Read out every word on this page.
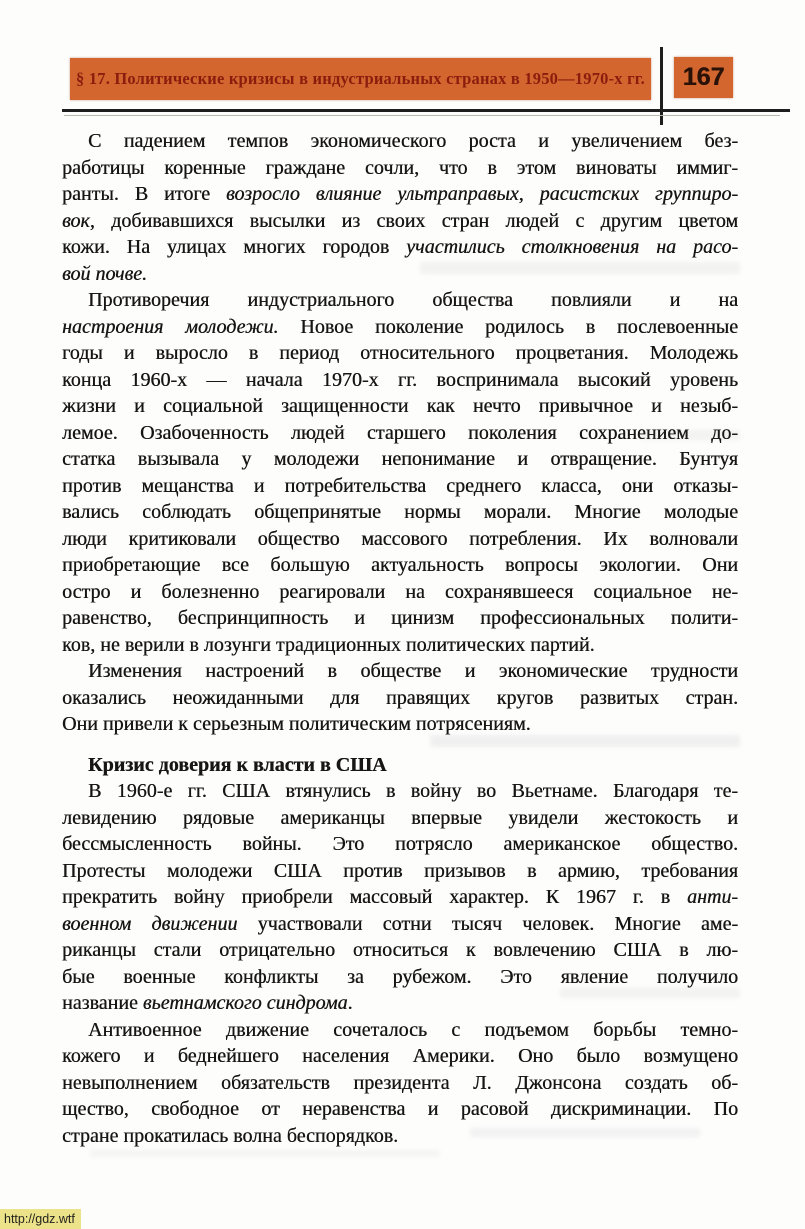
§ 17. Политические кризисы в индустриальных странах в 1950—1970-х гг. 167
С падением темпов экономического роста и увеличением без-
работицы коренные граждане сочли, что в этом виноваты иммиг-
ранты. В итоге возросло влияние ультраправых, расистских группиро-
вок, добивавшихся высылки из своих стран людей с другим цветом
кожи. На улицах многих городов участились столкновения на расо-
вой почве.
Противоречия индустриального общества повлияли и на
настроения молодежи. Новое поколение родилось в послевоенные
годы и выросло в период относительного процветания. Молодежь
конца 1960-х — начала 1970-х гг. воспринимала высокий уровень
жизни и социальной защищенности как нечто привычное и незыб-
лемое. Озабоченность людей старшего поколения сохранением до-
статка вызывала у молодежи непонимание и отвращение. Бунтуя
против мещанства и потребительства среднего класса, они отказы-
вались соблюдать общепринятые нормы морали. Многие молодые
люди критиковали общество массового потребления. Их волновали
приобретающие все большую актуальность вопросы экологии. Они
остро и болезненно реагировали на сохранявшееся социальное не-
равенство, беспринципность и цинизм профессиональных полити-
ков, не верили в лозунги традиционных политических партий.
Изменения настроений в обществе и экономические трудности
оказались неожиданными для правящих кругов развитых стран.
Они привели к серьезным политическим потрясениям.
Кризис доверия к власти в США
В 1960-е гг. США втянулись в войну во Вьетнаме. Благодаря те-
левидению рядовые американцы впервые увидели жестокость и
бессмысленность войны. Это потрясло американское общество.
Протесты молодежи США против призывов в армию, требования
прекратить войну приобрели массовый характер. К 1967 г. в анти-
военном движении участвовали сотни тысяч человек. Многие аме-
риканцы стали отрицательно относиться к вовлечению США в лю-
бые военные конфликты за рубежом. Это явление получило
название вьетнамского синдрома.
Антивоенное движение сочеталось с подъемом борьбы темно-
кожего и беднейшего населения Америки. Оно было возмущено
невыполнением обязательств президента Л. Джонсона создать об-
щество, свободное от неравенства и расовой дискриминации. По
стране прокатилась волна беспорядков.
http://gdz.wtf
